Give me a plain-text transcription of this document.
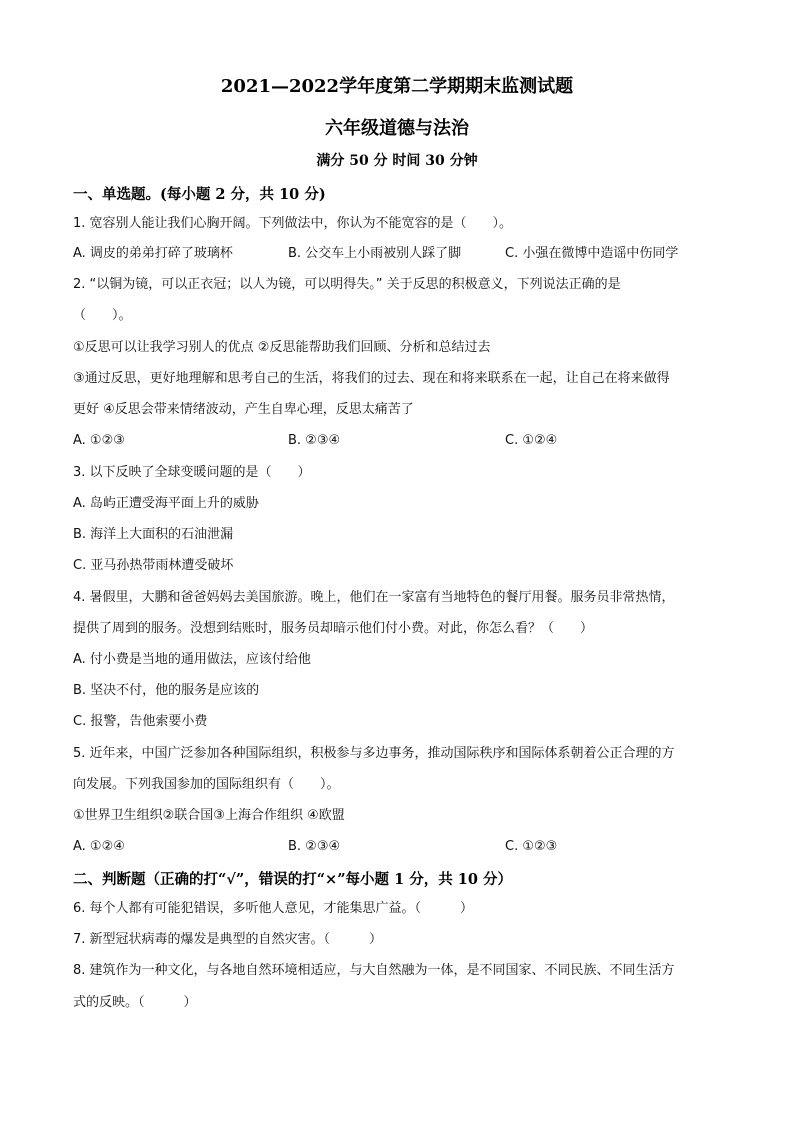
2021—2022学年度第二学期期末监测试题
六年级道德与法治
满分 50 分 时间 30 分钟
一、单选题。(每小题 2 分，共 10 分)
1. 宽容别人能让我们心胸开阔。下列做法中，你认为不能宽容的是（　　）。
A. 调皮的弟弟打碎了玻璃杯	B. 公交车上小雨被别人踩了脚	C. 小强在微博中造谣中伤同学
2. “以铜为镜，可以正衣冠；以人为镜，可以明得失。” 关于反思的积极意义，下列说法正确的是
（　　）。
①反思可以让我学习别人的优点 ②反思能帮助我们回顾、分析和总结过去
③通过反思，更好地理解和思考自己的生活，将我们的过去、现在和将来联系在一起，让自己在将来做得
更好 ④反思会带来情绪波动，产生自卑心理，反思太痛苦了
A. ①②③	B. ②③④	C. ①②④
3. 以下反映了全球变暖问题的是（　　）
A. 岛屿正遭受海平面上升的威胁
B. 海洋上大面积的石油泄漏
C. 亚马孙热带雨林遭受破坏
4. 暑假里，大鹏和爸爸妈妈去美国旅游。晚上，他们在一家富有当地特色的餐厅用餐。服务员非常热情，
提供了周到的服务。没想到结账时，服务员却暗示他们付小费。对此，你怎么看？（　　）
A. 付小费是当地的通用做法，应该付给他
B. 坚决不付，他的服务是应该的
C. 报警，告他索要小费
5. 近年来，中国广泛参加各种国际组织，积极参与多边事务，推动国际秩序和国际体系朝着公正合理的方
向发展。下列我国参加的国际组织有（　　）。
①世界卫生组织②联合国③上海合作组织 ④欧盟
A. ①②④	B. ②③④	C. ①②③
二、判断题（正确的打“√”，错误的打“×”每小题 1 分，共 10 分）
6. 每个人都有可能犯错误，多听他人意见，才能集思广益。（　　　）
7. 新型冠状病毒的爆发是典型的自然灾害。（　　　）
8. 建筑作为一种文化，与各地自然环境相适应，与大自然融为一体，是不同国家、不同民族、不同生活方
式的反映。（　　　）
